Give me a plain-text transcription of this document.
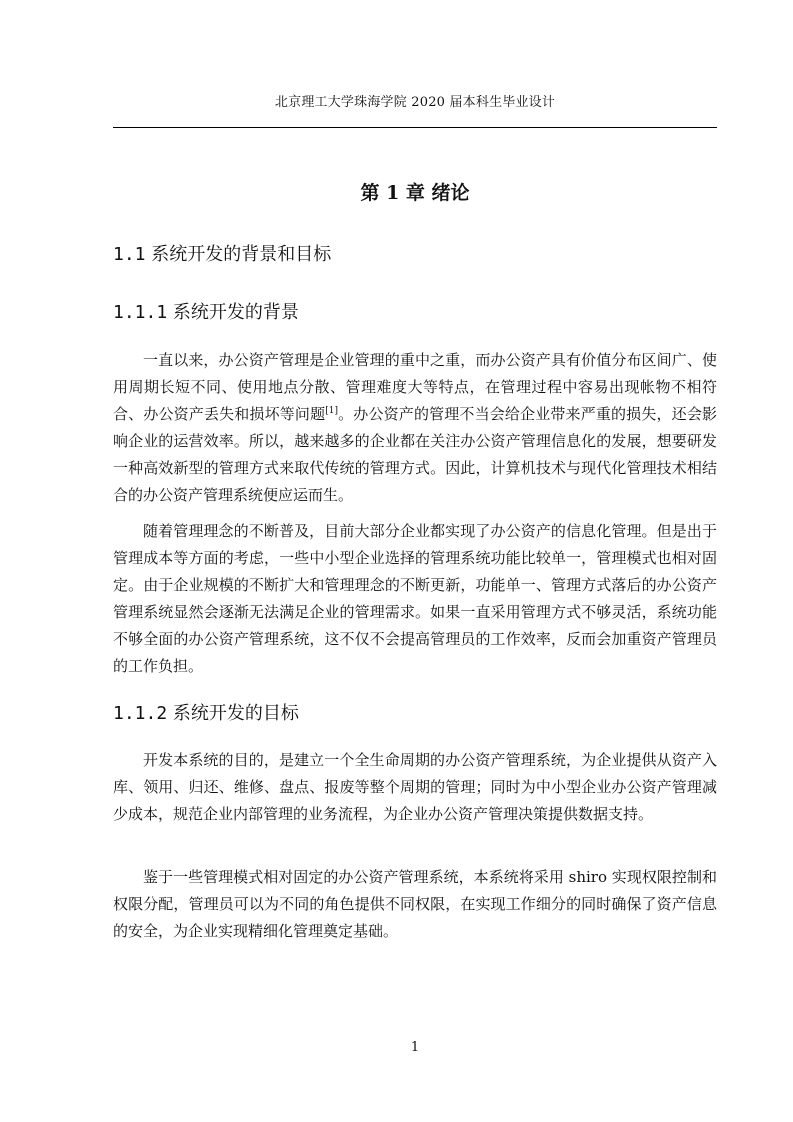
北京理工大学珠海学院 2020 届本科生毕业设计
第 1 章 绪论
1.1 系统开发的背景和目标
1.1.1 系统开发的背景
一直以来，办公资产管理是企业管理的重中之重，而办公资产具有价值分布区间广、使用周期长短不同、使用地点分散、管理难度大等特点，在管理过程中容易出现帐物不相符合、办公资产丢失和损坏等问题[1]。办公资产的管理不当会给企业带来严重的损失，还会影响企业的运营效率。所以，越来越多的企业都在关注办公资产管理信息化的发展，想要研发一种高效新型的管理方式来取代传统的管理方式。因此，计算机技术与现代化管理技术相结合的办公资产管理系统便应运而生。
随着管理理念的不断普及，目前大部分企业都实现了办公资产的信息化管理。但是出于管理成本等方面的考虑，一些中小型企业选择的管理系统功能比较单一，管理模式也相对固定。由于企业规模的不断扩大和管理理念的不断更新，功能单一、管理方式落后的办公资产管理系统显然会逐渐无法满足企业的管理需求。如果一直采用管理方式不够灵活，系统功能不够全面的办公资产管理系统，这不仅不会提高管理员的工作效率，反而会加重资产管理员的工作负担。
1.1.2 系统开发的目标
开发本系统的目的，是建立一个全生命周期的办公资产管理系统，为企业提供从资产入库、领用、归还、维修、盘点、报废等整个周期的管理；同时为中小型企业办公资产管理减少成本，规范企业内部管理的业务流程，为企业办公资产管理决策提供数据支持。
鉴于一些管理模式相对固定的办公资产管理系统，本系统将采用 shiro 实现权限控制和权限分配，管理员可以为不同的角色提供不同权限，在实现工作细分的同时确保了资产信息的安全，为企业实现精细化管理奠定基础。
1
